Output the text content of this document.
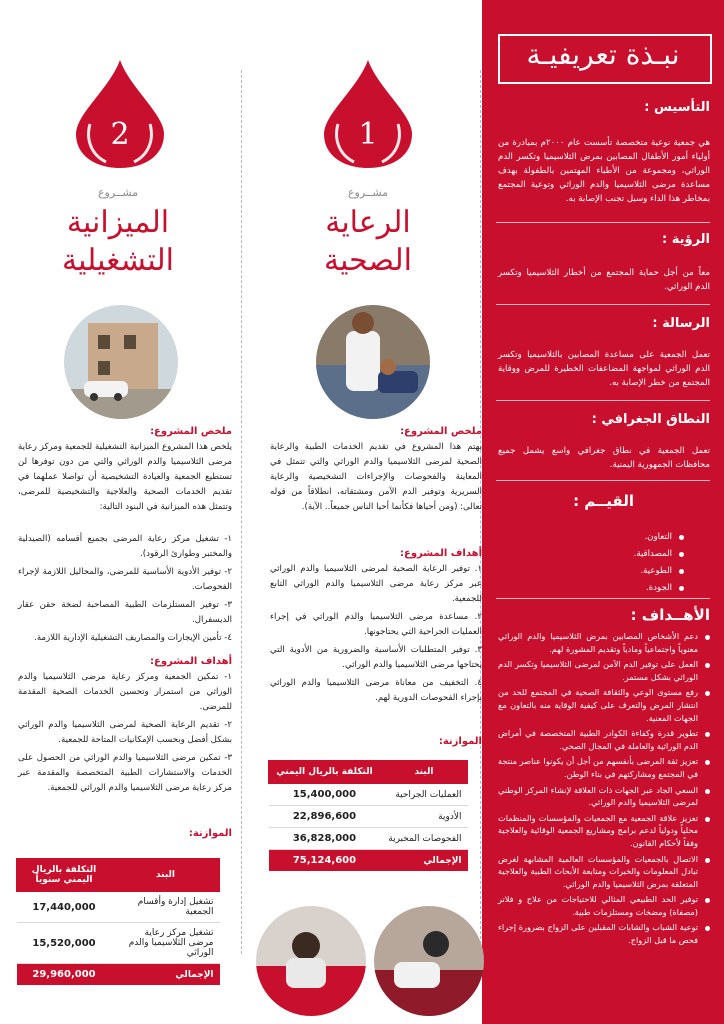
نبـذة تعريفيـة
التأسيس :
هي جمعية نوعية متخصصة تأسست عام ٢٠٠٠م بمبادرة من أولياء أمور الأطفال المصابين بمرض الثلاسيميا وتكسر الدم الوراثي، ومجموعة من الأطباء المهتمين بالطفولة بهدف مساعدة مرضى الثلاسيميا والدم الوراثي وتوعية المجتمع بمخاطر هذا الداء وسبل تجنب الإصابة به.
الرؤية :
معاً من أجل حماية المجتمع من أخطار الثلاسيميا وتكسر الدم الوراثي.
الرسالة :
تعمل الجمعية على مساعدة المصابين بالثلاسيميا وتكسر الدم الوراثي لمواجهة المضاعفات الخطيرة للمرض ووقاية المجتمع من خطر الإصابة به.
النطاق الجغرافي :
تعمل الجمعية في نطاق جغرافي واسع يشمل جميع محافظات الجمهورية اليمنية.
القيــم :
التعاون.
المصداقية.
الطوعية.
الجودة.
الأهــداف :
دعم الأشخاص المصابين بمرض الثلاسيميا والدم الوراثي معنوياً واجتماعياً ومادياً وتقديم المشورة لهم.
العمل على توفير الدم الآمن لمرضى الثلاسيميا وتكسر الدم الوراثي بشكل مستمر.
رفع مستوى الوعي والثقافة الصحية في المجتمع للحد من انتشار المرض والتعرف على كيفية الوقاية منه بالتعاون مع الجهات المعنية.
تطوير قدرة وكفاءة الكوادر الطبية المتخصصة في أمراض الدم الوراثية والعاملة في المجال الصحي.
تعزيز ثقة المرضى بأنفسهم من أجل أن يكونوا عناصر منتجة في المجتمع ومشاركتهم في بناء الوطن.
السعي الجاد عبر الجهات ذات العلاقة لإنشاء المركز الوطني لمرضى الثلاسيميا والدم الوراثي.
تعزيز علاقة الجمعية مع الجمعيات والمؤسسات والمنظمات محلياً ودولياً لدعم برامج ومشاريع الجمعية الوقائية والعلاجية وفقاً لأحكام القانون.
الاتصال بالجمعيات والمؤسسات العالمية المشابهة لغرض تبادل المعلومات والخبرات ومتابعة الأبحاث الطبية والعلاجية المتعلقة بمرض الثلاسيميا والدم الوراثي.
توفير الحد الطبيعي المثالي للاحتياجات من علاج و فلاتر (مصفاة) ومضخات ومستلزمات طبية.
توعية الشباب والشابات المقبلين على الزواج بضرورة إجراء فحص ما قبل الزواج.
1
مشــروع
الرعاية
الصحية
ملخص المشروع:
يهتم هذا المشروع في تقديم الخدمات الطبية والرعاية الصحية لمرضى الثلاسيميا والدم الوراثي والتي تتمثل في المعاينة والفحوصات والإجراءات التشخيصية والرعاية السريرية وتوفير الدم الآمن ومشتقاته، انطلاقاً من قوله تعالى: (ومن أحياها فكأنما أحيا الناس جميعاً.. الآية).
أهداف المشروع:
١. توفير الرعاية الصحية لمرضى الثلاسيميا والدم الوراثي عبر مركز رعاية مرضى الثلاسيميا والدم الوراثي التابع للجمعية.
٢. مساعدة مرضى الثلاسيميا والدم الوراثي في إجراء العمليات الجراحية التي يحتاجونها.
٣. توفير المتطلبات الأساسية والضرورية من الأدوية التي يحتاجها مرضى الثلاسيميا والدم الوراثي.
٤. التخفيف من معاناة مرضى الثلاسيميا والدم الوراثي بإجراء الفحوصات الدورية لهم.
الموازنة:
البند	التكلفة بالريال اليمني
العمليات الجراحية	15,400,000
الأدوية	22,896,600
الفحوصات المخبرية	36,828,000
الإجمالي	75,124,600
2
مشــروع
الميزانية
التشغيلية
ملخص المشروع:
يلخص هذا المشروع الميزانية التشغيلية للجمعية ومركز رعاية مرضى الثلاسيميا والدم الوراثي والتي من دون توفرها لن تستطيع الجمعية والعيادة التشخيصية أن تواصلا عملهما في تقديم الخدمات الصحية والعلاجية والتشخيصية للمرضى، وتتمثل هذه الميزانية في البنود التالية:
١- تشغيل مركز رعاية المرضى بجميع أقسامه (الصيدلية والمختبر وطوارئ الرقود).
٢- توفير الأدوية الأساسية للمرضى، والمحاليل اللازمة لإجراء الفحوصات.
٣- توفير المستلزمات الطبية المصاحبة لضخة حقن عقار الديسفرال.
٤- تأمين الإيجارات والمصاريف التشغيلية الإدارية اللازمة.
أهداف المشروع:
١- تمكين الجمعية ومركز رعاية مرضى الثلاسيميا والدم الوراثي من استمرار وتحسين الخدمات الصحية المقدمة للمرضى.
٢- تقديم الرعاية الصحية لمرضى الثلاسيميا والدم الوراثي بشكل أفضل وبحسب الإمكانيات المتاحة للجمعية.
٣- تمكين مرضى الثلاسيميا والدم الوراثي من الحصول على الخدمات والاستشارات الطبية المتخصصة والمقدمة عبر مركز رعاية مرضى الثلاسيميا والدم الوراثي للجمعية.
الموازنة:
البند	التكلفة بالريال اليمني سنوياً
تشغيل إدارة وأقسام الجمعية	17,440,000
تشغيل مركز رعاية مرضى الثلاسيميا والدم الوراثي	15,520,000
الإجمالي	29,960,000
